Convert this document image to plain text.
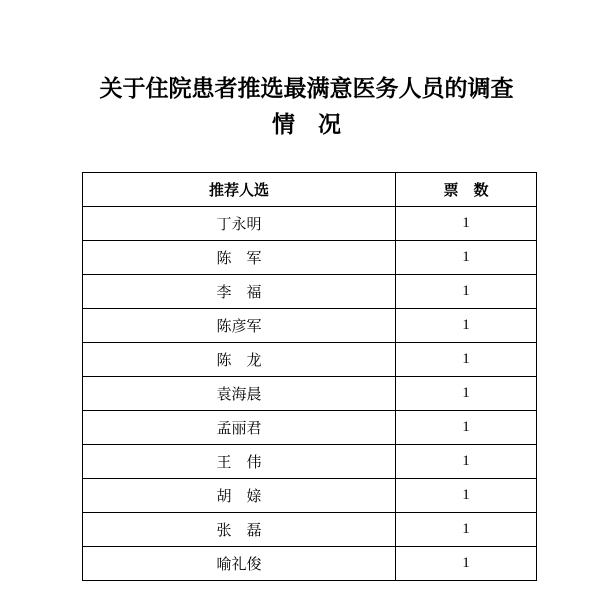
关于住院患者推选最满意医务人员的调查
情　况
推荐人选	票　数
丁永明	1
陈　军	1
李　福	1
陈彦军	1
陈　龙	1
袁海晨	1
孟丽君	1
王　伟	1
胡　媇	1
张　磊	1
喻礼俊	1
